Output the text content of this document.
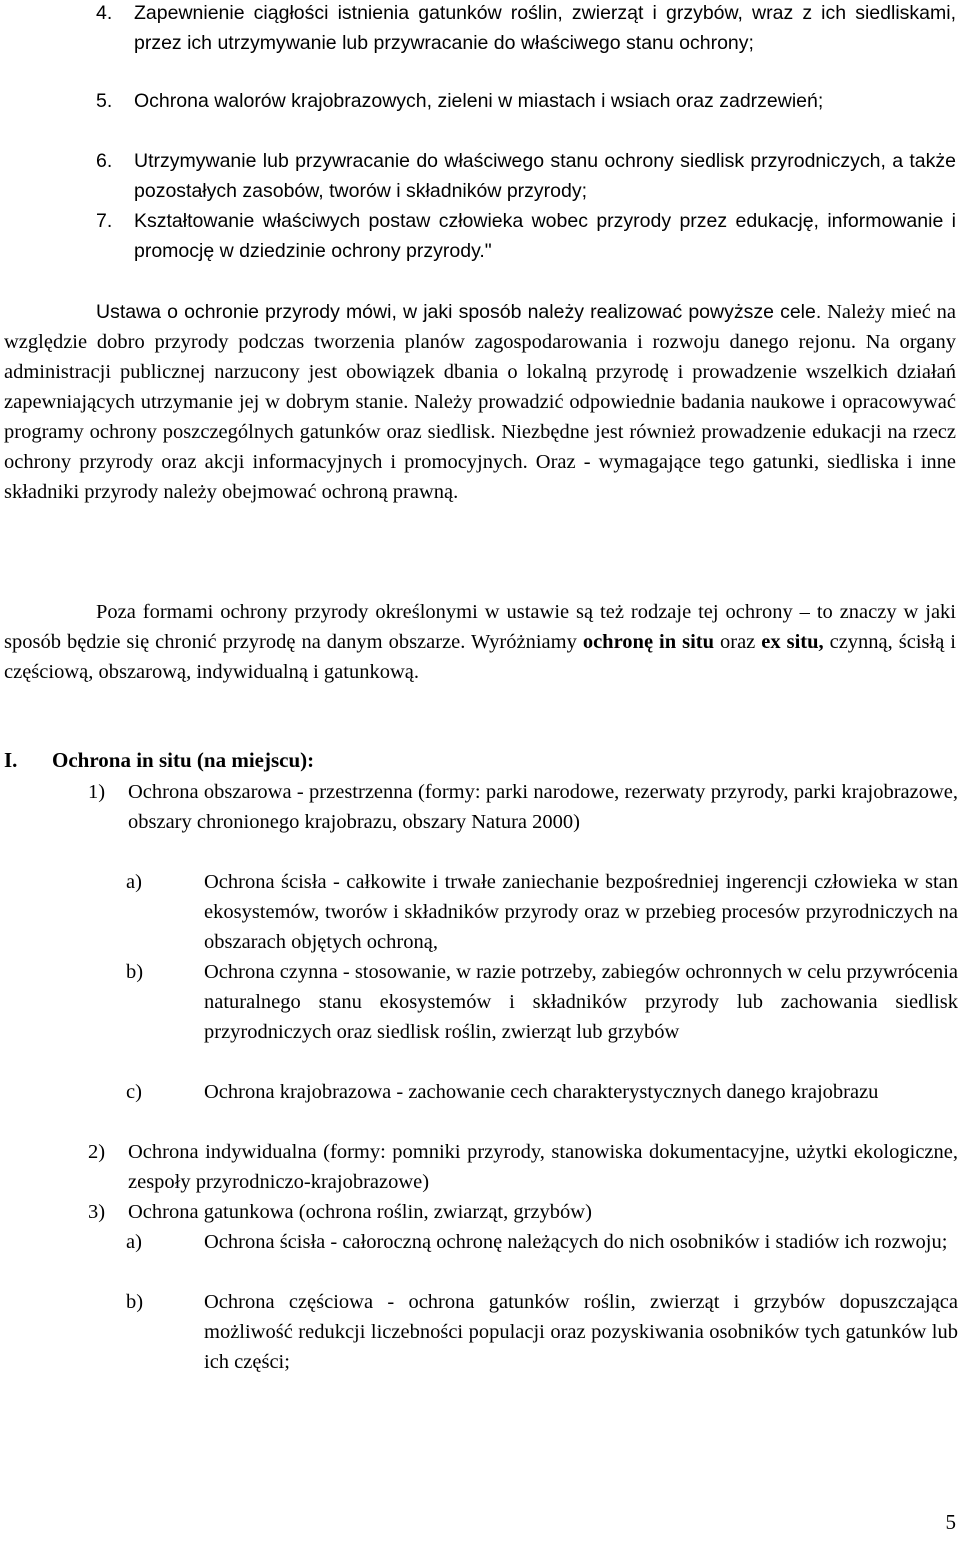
4. Zapewnienie ciągłości istnienia gatunków roślin, zwierząt i grzybów, wraz z ich siedliskami, przez ich utrzymywanie lub przywracanie do właściwego stanu ochrony;
5. Ochrona walorów krajobrazowych, zieleni w miastach i wsiach oraz zadrzewień;
6. Utrzymywanie lub przywracanie do właściwego stanu ochrony siedlisk przyrodniczych, a także pozostałych zasobów, tworów i składników przyrody;
7. Kształtowanie właściwych postaw człowieka wobec przyrody przez edukację, informowanie i promocję w dziedzinie ochrony przyrody."
Ustawa o ochronie przyrody mówi, w jaki sposób należy realizować powyższe cele. Należy mieć na względzie dobro przyrody podczas tworzenia planów zagospodarowania i rozwoju danego rejonu. Na organy administracji publicznej narzucony jest obowiązek dbania o lokalną przyrodę i prowadzenie wszelkich działań zapewniających utrzymanie jej w dobrym stanie. Należy prowadzić odpowiednie badania naukowe i opracowywać programy ochrony poszczególnych gatunków oraz siedlisk. Niezbędne jest również prowadzenie edukacji na rzecz ochrony przyrody oraz akcji informacyjnych i promocyjnych. Oraz - wymagające tego gatunki, siedliska i inne składniki przyrody należy obejmować ochroną prawną.
Poza formami ochrony przyrody określonymi w ustawie są też rodzaje tej ochrony – to znaczy w jaki sposób będzie się chronić przyrodę na danym obszarze. Wyróżniamy ochronę in situ oraz ex situ, czynną, ścisłą i częściową, obszarową, indywidualną i gatunkową.
I. Ochrona in situ (na miejscu):
1) Ochrona obszarowa - przestrzenna (formy: parki narodowe, rezerwaty przyrody, parki krajobrazowe, obszary chronionego krajobrazu, obszary Natura 2000)
a)	Ochrona ścisła - całkowite i trwałe zaniechanie bezpośredniej ingerencji człowieka w stan ekosystemów, tworów i składników przyrody oraz w przebieg procesów przyrodniczych na obszarach objętych ochroną,
b)	Ochrona czynna - stosowanie, w razie potrzeby, zabiegów ochronnych w celu przywrócenia naturalnego stanu ekosystemów i składników przyrody lub zachowania siedlisk przyrodniczych oraz siedlisk roślin, zwierząt lub grzybów
c)	Ochrona krajobrazowa - zachowanie cech charakterystycznych danego krajobrazu
2) Ochrona indywidualna (formy: pomniki przyrody, stanowiska dokumentacyjne, użytki ekologiczne, zespoły przyrodniczo-krajobrazowe)
3) Ochrona gatunkowa (ochrona roślin, zwiarząt, grzybów)
a)	Ochrona ścisła - całoroczną ochronę należących do nich osobników i stadiów ich rozwoju;
b)	Ochrona częściowa - ochrona gatunków roślin, zwierząt i grzybów dopuszczająca możliwość redukcji liczebności populacji oraz pozyskiwania osobników tych gatunków lub ich części;
5
